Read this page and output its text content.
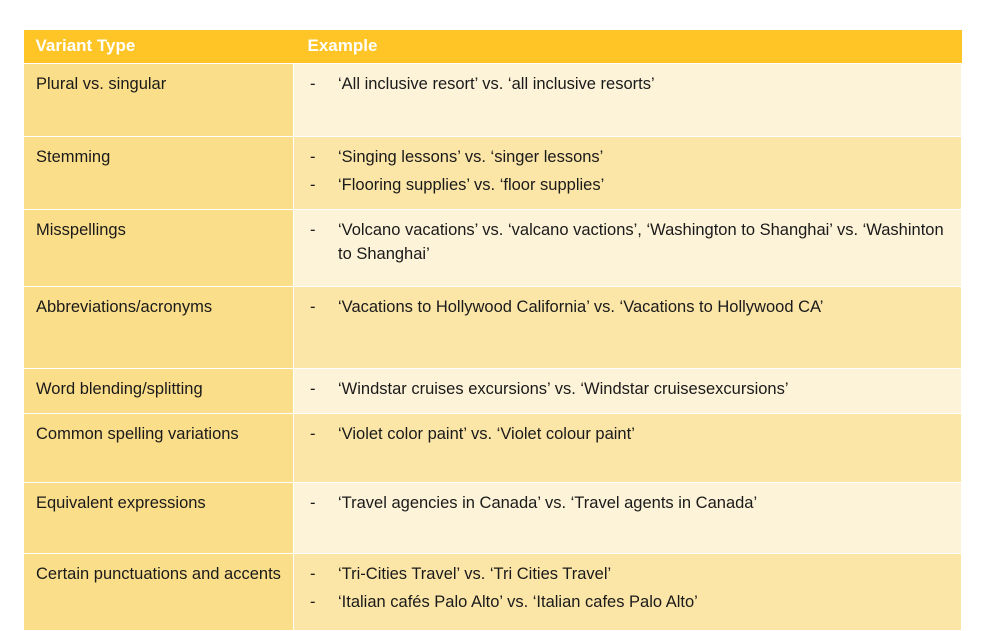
Variant Type	Example

Plural vs. singular	- ‘All inclusive resort’ vs. ‘all inclusive resorts’

Stemming	- ‘Singing lessons’ vs. ‘singer lessons’
- ‘Flooring supplies’ vs. ‘floor supplies’

Misspellings	- ‘Volcano vacations’ vs. ‘valcano vactions’, ‘Washington to Shanghai’ vs. ‘Washinton to Shanghai’

Abbreviations/acronyms	- ‘Vacations to Hollywood California’ vs. ‘Vacations to Hollywood CA’

Word blending/splitting	- ‘Windstar cruises excursions’ vs. ‘Windstar cruisesexcursions’

Common spelling variations	- ‘Violet color paint’ vs. ‘Violet colour paint’

Equivalent expressions	- ‘Travel agencies in Canada’ vs. ‘Travel agents in Canada’

Certain punctuations and accents	- ‘Tri-Cities Travel’ vs. ‘Tri Cities Travel’
- ‘Italian cafés Palo Alto’ vs. ‘Italian cafes Palo Alto’
